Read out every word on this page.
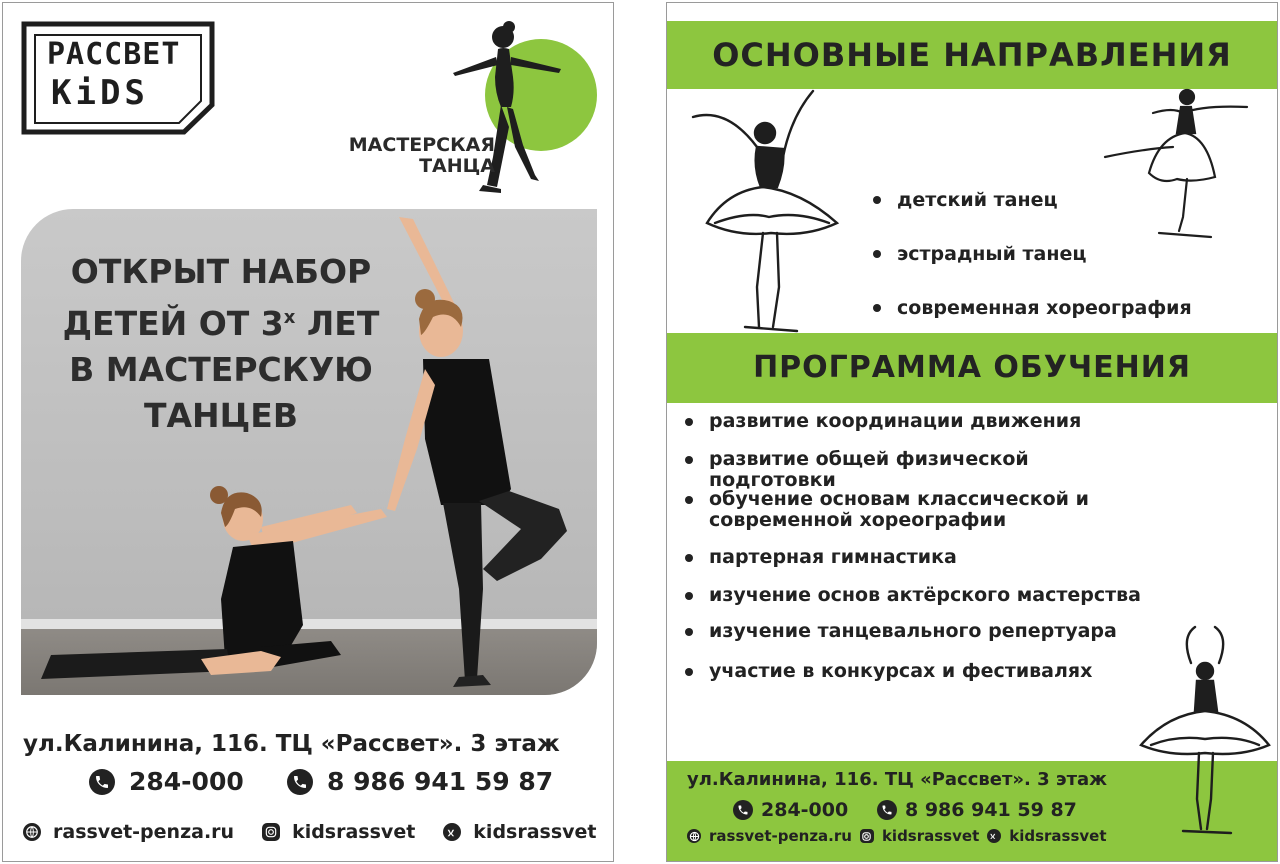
РАССВЕТ
KiDS
МАСТЕРСКАЯ
ТАНЦА
ОТКРЫТ НАБОР
ДЕТЕЙ ОТ $3^х$ ЛЕТ
В МАСТЕРСКУЮ
ТАНЦЕВ
ул.Калинина, 116. ТЦ «Рассвет». 3 этаж
284-000	8 986 941 59 87
rassvet-penza.ru	kidsrassvet	kidsrassvet
ОСНОВНЫЕ НАПРАВЛЕНИЯ
детский танец
эстрадный танец
современная хореография
ПРОГРАММА ОБУЧЕНИЯ
развитие координации движения
развитие общей физической подготовки
обучение основам классической и современной хореографии
партерная гимнастика
изучение основ актёрского мастерства
изучение танцевального репертуара
участие в конкурсах и фестивалях
ул.Калинина, 116. ТЦ «Рассвет». 3 этаж
284-000	8 986 941 59 87
rassvet-penza.ru kidsrassvet kidsrassvet
